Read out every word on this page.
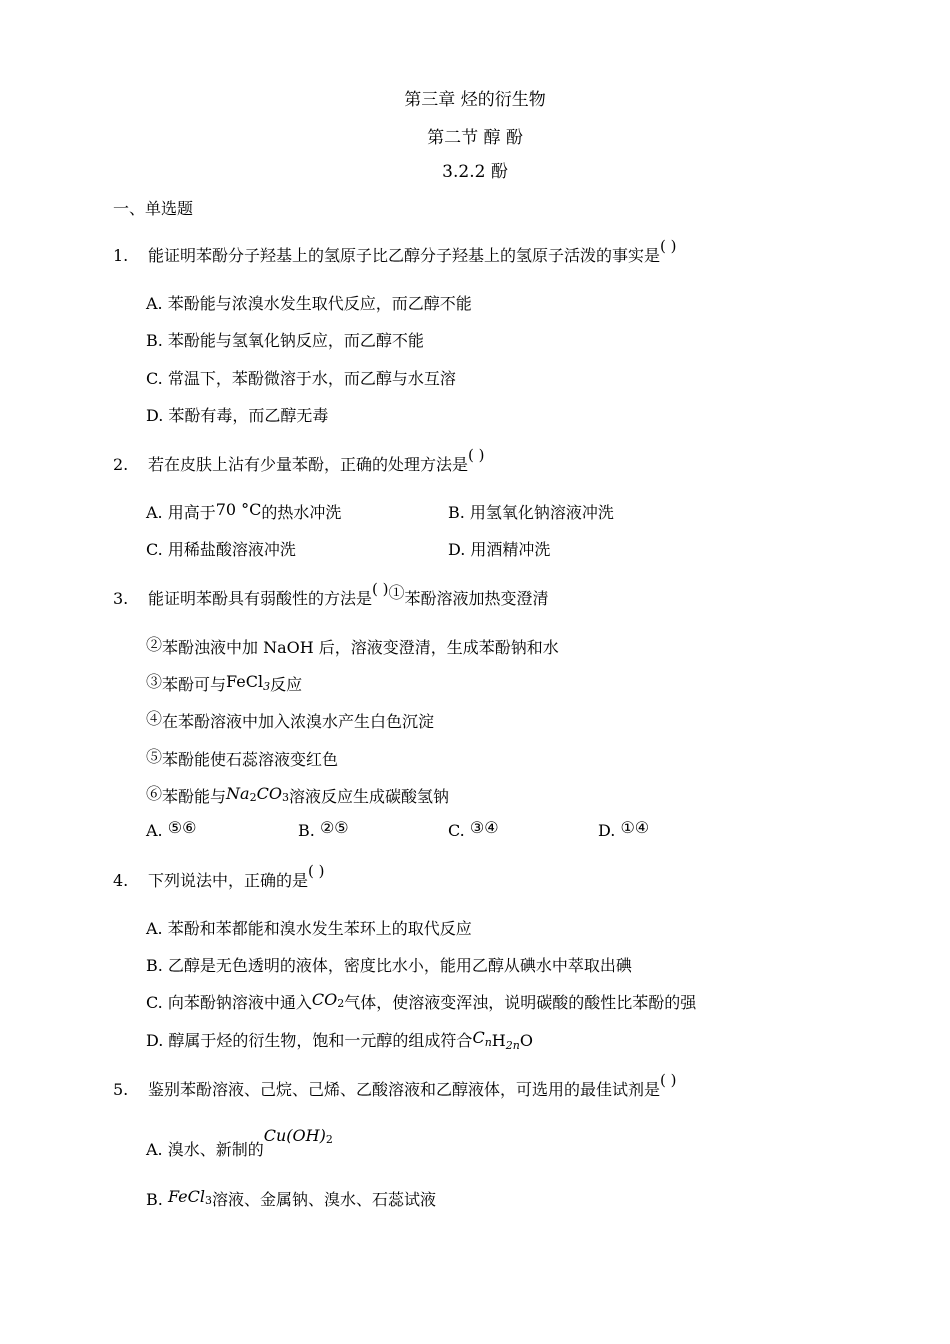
第三章 烃的衍生物
第二节 醇 酚
3.2.2 酚
一、单选题
1. 能证明苯酚分子羟基上的氢原子比乙醇分子羟基上的氢原子活泼的事实是( )
A. 苯酚能与浓溴水发生取代反应，而乙醇不能
B. 苯酚能与氢氧化钠反应，而乙醇不能
C. 常温下，苯酚微溶于水，而乙醇与水互溶
D. 苯酚有毒，而乙醇无毒
2. 若在皮肤上沾有少量苯酚，正确的处理方法是( )
A. 用高于70 °C的热水冲洗	B. 用氢氧化钠溶液冲洗
C. 用稀盐酸溶液冲洗	D. 用酒精冲洗
3. 能证明苯酚具有弱酸性的方法是( )①苯酚溶液加热变澄清
②苯酚浊液中加 NaOH 后，溶液变澄清，生成苯酚钠和水
③苯酚可与FeCl$_3$反应
④在苯酚溶液中加入浓溴水产生白色沉淀
⑤苯酚能使石蕊溶液变红色
⑥苯酚能与Na2CO3溶液反应生成碳酸氢钠
A. ⑤⑥	B. ②⑤	C. ③④	D. ①④
4. 下列说法中，正确的是( )
A. 苯酚和苯都能和溴水发生苯环上的取代反应
B. 乙醇是无色透明的液体，密度比水小，能用乙醇从碘水中萃取出碘
C. 向苯酚钠溶液中通入CO2气体，使溶液变浑浊，说明碳酸的酸性比苯酚的强
D. 醇属于烃的衍生物，饱和一元醇的组成符合$C_nH_{2n}O$
5. 鉴别苯酚溶液、己烷、己烯、乙酸溶液和乙醇液体，可选用的最佳试剂是( )
A. 溴水、新制的Cu(OH)2
B. FeCl3溶液、金属钠、溴水、石蕊试液
